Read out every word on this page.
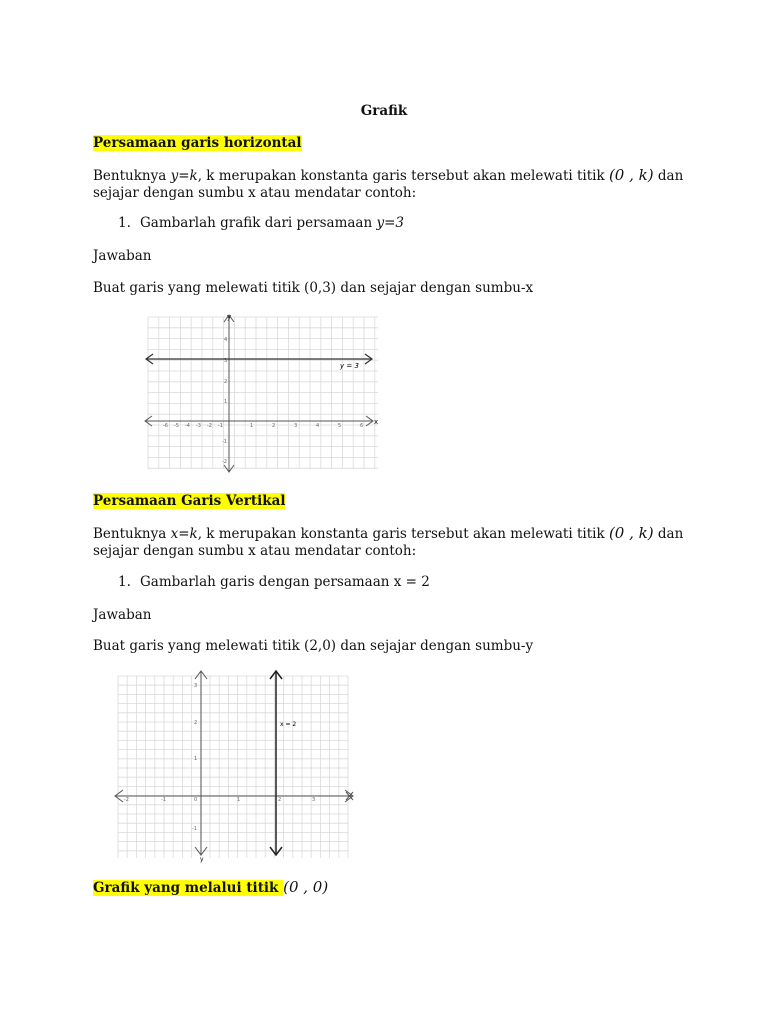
Grafik
Persamaan garis horizontal
Bentuknya y=k, k merupakan konstanta garis tersebut akan melewati titik (0 , k) dan
sejajar dengan sumbu x atau mendatar contoh:
1. Gambarlah grafik dari persamaan y=3
Jawaban
Buat garis yang melewati titik (0,3) dan sejajar dengan sumbu-x
x
y
y = 3
-6 -5 -4 -3 -2 -1	1	2	3	4	5	6
4
3
2
1
-1
-2
Persamaan Garis Vertikal
Bentuknya x=k, k merupakan konstanta garis tersebut akan melewati titik (0 , k) dan
sejajar dengan sumbu x atau mendatar contoh:
1. Gambarlah garis dengan persamaan x = 2
Jawaban
Buat garis yang melewati titik (2,0) dan sejajar dengan sumbu-y
y
x = 2
-2	-1	0	1	2	3
3
2
1
-1
Grafik yang melalui titik (0 , 0)
